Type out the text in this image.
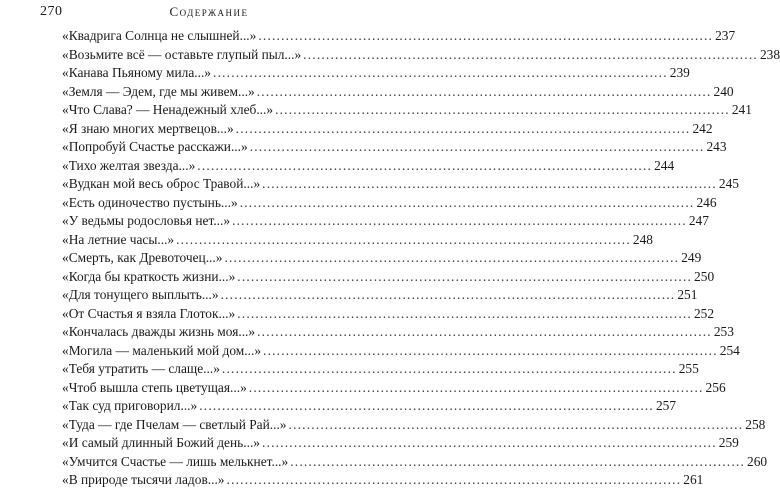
270	Содержание
«Квадрига Солнца не слышней...» .................................................................................................... 237
«Возьмите всё — оставьте глупый пыл...» .................................................................................................... 238
«Канава Пьяному мила...» .................................................................................................... 239
«Земля — Эдем, где мы живем...» .................................................................................................... 240
«Что Слава? — Ненадежный хлеб...» .................................................................................................... 241
«Я знаю многих мертвецов...» .................................................................................................... 242
«Попробуй Счастье расскажи...» .................................................................................................... 243
«Тихо желтая звезда...» .................................................................................................... 244
«Вудкан мой весь оброс Травой...» .................................................................................................... 245
«Есть одиночество пустынь...» .................................................................................................... 246
«У ведьмы родословья нет...» .................................................................................................... 247
«На летние часы...» .................................................................................................... 248
«Смерть, как Древоточец...» .................................................................................................... 249
«Когда бы краткость жизни...» .................................................................................................... 250
«Для тонущего выплыть...» .................................................................................................... 251
«От Счастья я взяла Глоток...» .................................................................................................... 252
«Кончалась дважды жизнь моя...» .................................................................................................... 253
«Могила — маленький мой дом...» .................................................................................................... 254
«Тебя утратить — слаще...» .................................................................................................... 255
«Чтоб вышла степь цветущая...» .................................................................................................... 256
«Так суд приговорил...» .................................................................................................... 257
«Туда — где Пчелам — светлый Рай...» .................................................................................................... 258
«И самый длинный Божий день...» .................................................................................................... 259
«Умчится Счастье — лишь мелькнет...» .................................................................................................... 260
«В природе тысячи ладов...» .................................................................................................... 261
